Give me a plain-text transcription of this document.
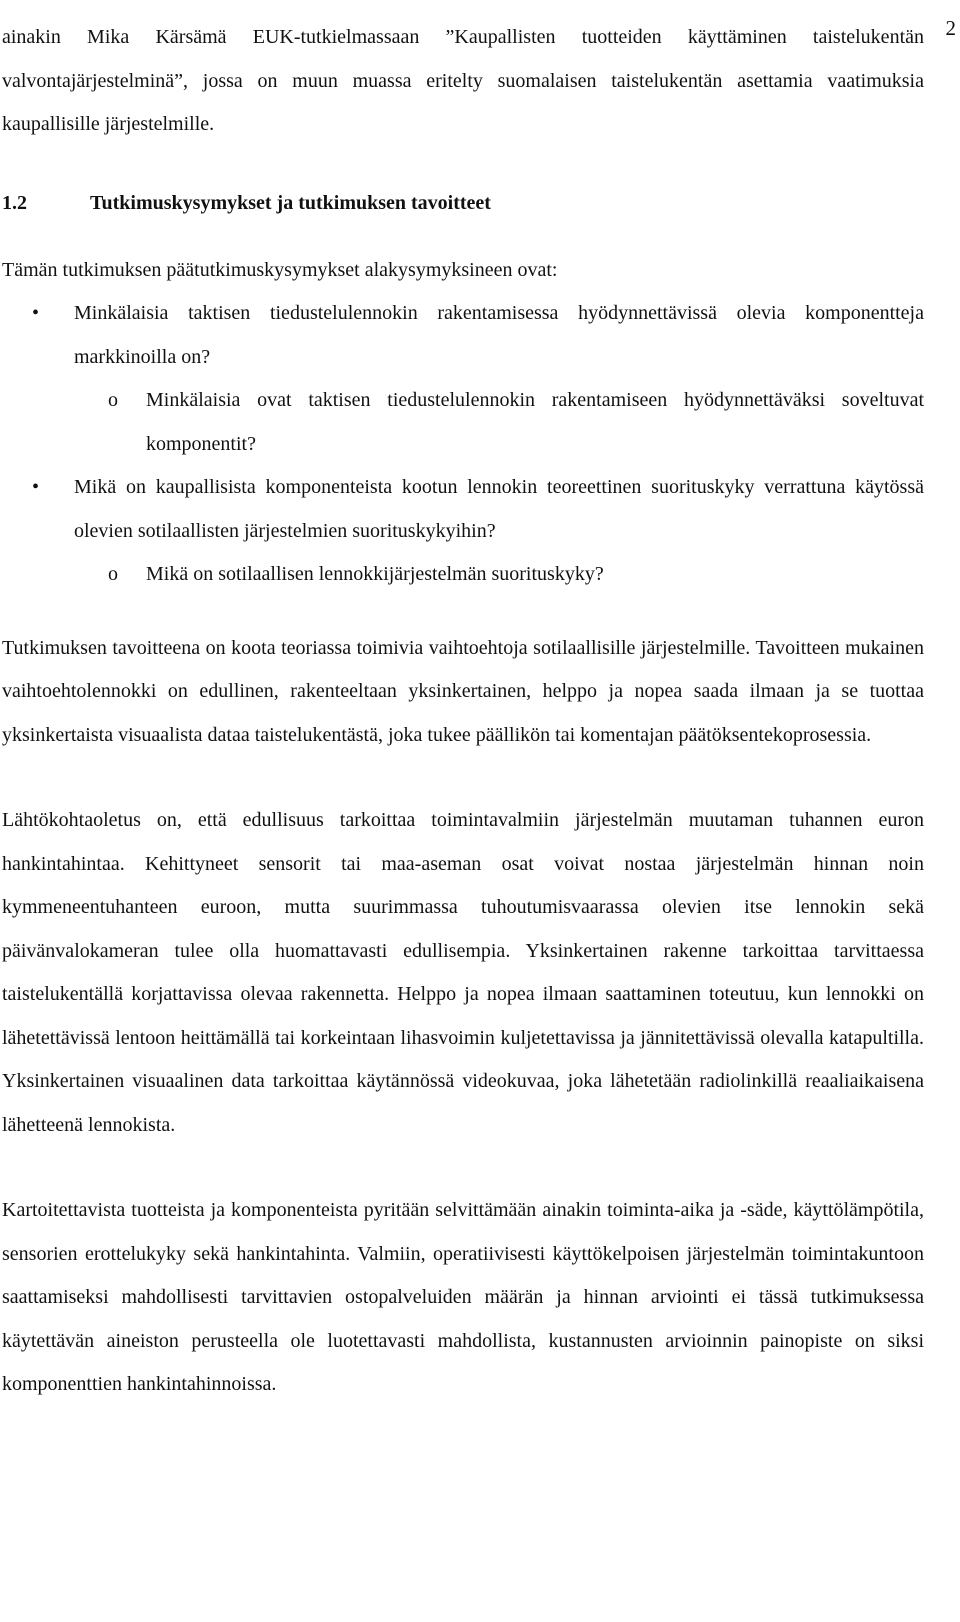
2

ainakin Mika Kärsämä EUK-tutkielmassaan ”Kaupallisten tuotteiden käyttäminen taistelukentän valvontajärjestelminä”, jossa on muun muassa eritelty suomalaisen taistelukentän asettamia vaatimuksia kaupallisille järjestelmille.

1.2	Tutkimuskysymykset ja tutkimuksen tavoitteet

Tämän tutkimuksen päätutkimuskysymykset alakysymyksineen ovat:

• Minkälaisia taktisen tiedustelulennokin rakentamisessa hyödynnettävissä olevia komponentteja markkinoilla on?

o Minkälaisia ovat taktisen tiedustelulennokin rakentamiseen hyödynnettäväksi soveltuvat komponentit?

• Mikä on kaupallisista komponenteista kootun lennokin teoreettinen suorituskyky verrattuna käytössä olevien sotilaallisten järjestelmien suorituskykyihin?

o Mikä on sotilaallisen lennokkijärjestelmän suorituskyky?

Tutkimuksen tavoitteena on koota teoriassa toimivia vaihtoehtoja sotilaallisille järjestelmille. Tavoitteen mukainen vaihtoehtolennokki on edullinen, rakenteeltaan yksinkertainen, helppo ja nopea saada ilmaan ja se tuottaa yksinkertaista visuaalista dataa taistelukentästä, joka tukee päällikön tai komentajan päätöksentekoprosessia.

Lähtökohtaoletus on, että edullisuus tarkoittaa toimintavalmiin järjestelmän muutaman tuhannen euron hankintahintaa. Kehittyneet sensorit tai maa-aseman osat voivat nostaa järjestelmän hinnan noin kymmeneentuhanteen euroon, mutta suurimmassa tuhoutumisvaarassa olevien itse lennokin sekä päivänvalokameran tulee olla huomattavasti edullisempia. Yksinkertainen rakenne tarkoittaa tarvittaessa taistelukentällä korjattavissa olevaa rakennetta. Helppo ja nopea ilmaan saattaminen toteutuu, kun lennokki on lähetettävissä lentoon heittämällä tai korkeintaan lihasvoimin kuljetettavissa ja jännitettävissä olevalla katapultilla. Yksinkertainen visuaalinen data tarkoittaa käytännössä videokuvaa, joka lähetetään radiolinkillä reaaliaikaisena lähetteenä lennokista.

Kartoitettavista tuotteista ja komponenteista pyritään selvittämään ainakin toiminta-aika ja -säde, käyttölämpötila, sensorien erottelukyky sekä hankintahinta. Valmiin, operatiivisesti käyttökelpoisen järjestelmän toimintakuntoon saattamiseksi mahdollisesti tarvittavien ostopalveluiden määrän ja hinnan arviointi ei tässä tutkimuksessa käytettävän aineiston perusteella ole luotettavasti mahdollista, kustannusten arvioinnin painopiste on siksi komponenttien hankintahinnoissa.
